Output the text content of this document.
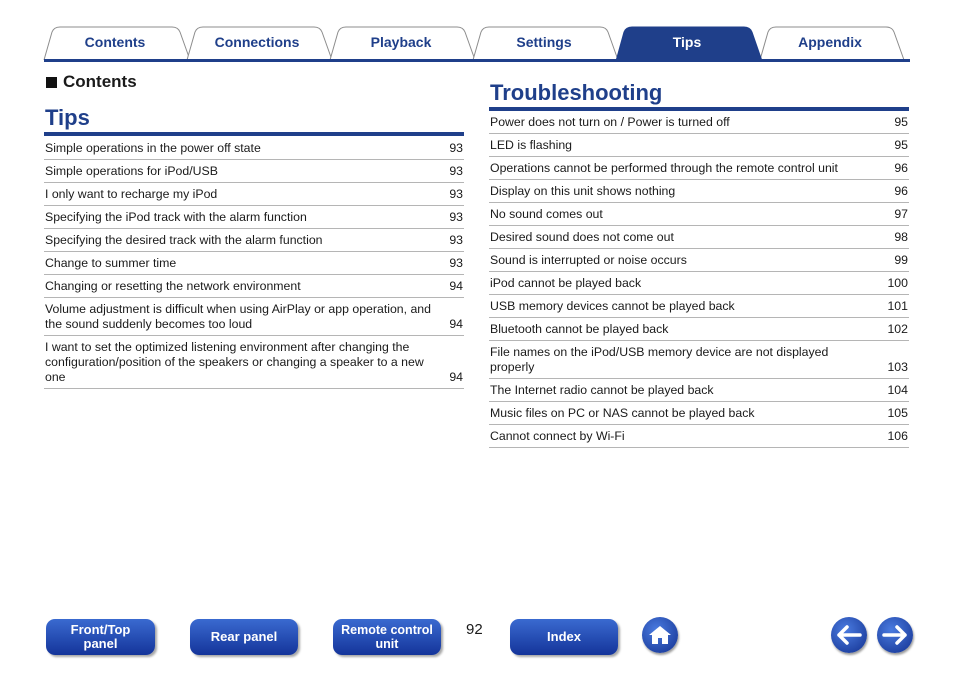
Contents	Connections	Playback	Settings	Tips	Appendix
Contents
Tips
Simple operations in the power off state	93
Simple operations for iPod/USB	93
I only want to recharge my iPod	93
Specifying the iPod track with the alarm function	93
Specifying the desired track with the alarm function	93
Change to summer time	93
Changing or resetting the network environment	94
Volume adjustment is difficult when using AirPlay or app operation, and the sound suddenly becomes too loud	94
I want to set the optimized listening environment after changing the configuration/position of the speakers or changing a speaker to a new one	94
Troubleshooting
Power does not turn on / Power is turned off	95
LED is flashing	95
Operations cannot be performed through the remote control unit	96
Display on this unit shows nothing	96
No sound comes out	97
Desired sound does not come out	98
Sound is interrupted or noise occurs	99
iPod cannot be played back	100
USB memory devices cannot be played back	101
Bluetooth cannot be played back	102
File names on the iPod/USB memory device are not displayed properly	103
The Internet radio cannot be played back	104
Music files on PC or NAS cannot be played back	105
Cannot connect by Wi-Fi	106
Front/Top
panel	Rear panel	Remote control
unit
92	Index
